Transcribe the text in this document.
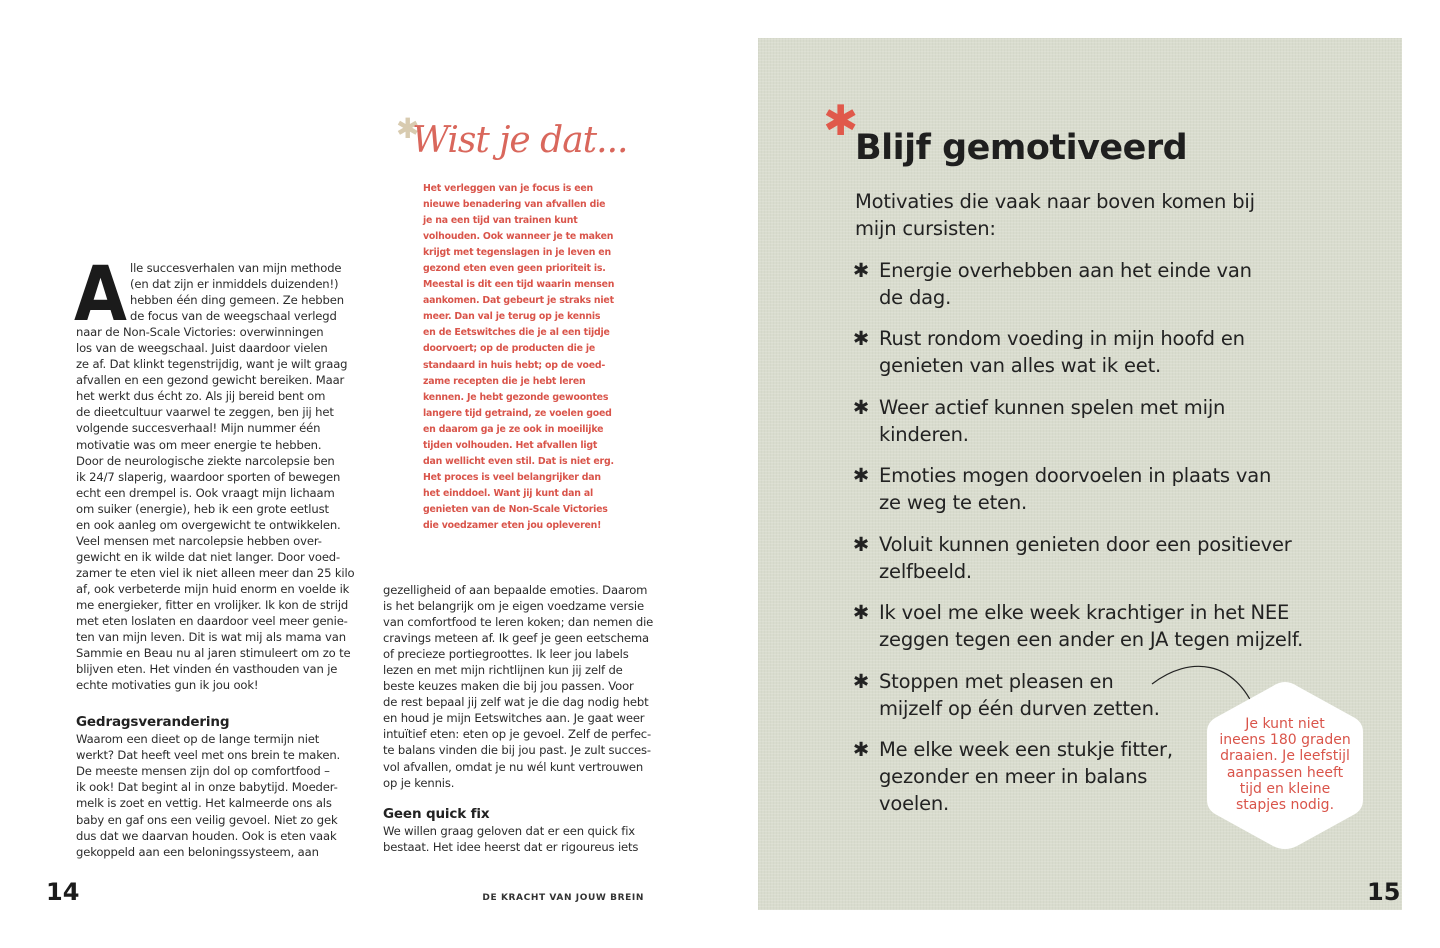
A lle succesverhalen van mijn methode
(en dat zijn er inmiddels duizenden!)
hebben één ding gemeen. Ze hebben
de focus van de weegschaal verlegd
naar de Non-Scale Victories: overwinningen
los van de weegschaal. Juist daardoor vielen
ze af. Dat klinkt tegenstrijdig, want je wilt graag
afvallen en een gezond gewicht bereiken. Maar
het werkt dus écht zo. Als jij bereid bent om
de dieetcultuur vaarwel te zeggen, ben jij het
volgende succesverhaal! Mijn nummer één
motivatie was om meer energie te hebben.
Door de neurologische ziekte narcolepsie ben
ik 24/7 slaperig, waardoor sporten of bewegen
echt een drempel is. Ook vraagt mijn lichaam
om suiker (energie), heb ik een grote eetlust
en ook aanleg om overgewicht te ontwikkelen.
Veel mensen met narcolepsie hebben over-
gewicht en ik wilde dat niet langer. Door voed-
zamer te eten viel ik niet alleen meer dan 25 kilo
af, ook verbeterde mijn huid enorm en voelde ik
me energieker, fitter en vrolijker. Ik kon de strijd
met eten loslaten en daardoor veel meer genie-
ten van mijn leven. Dit is wat mij als mama van
Sammie en Beau nu al jaren stimuleert om zo te
blijven eten. Het vinden én vasthouden van je
echte motivaties gun ik jou ook!
Gedragsverandering
Waarom een dieet op de lange termijn niet
werkt? Dat heeft veel met ons brein te maken.
De meeste mensen zijn dol op comfortfood –
ik ook! Dat begint al in onze babytijd. Moeder-
melk is zoet en vettig. Het kalmeerde ons als
baby en gaf ons een veilig gevoel. Niet zo gek
dus dat we daarvan houden. Ook is eten vaak
gekoppeld aan een beloningssysteem, aan
14
✱
Wist je dat...
Het verleggen van je focus is een
nieuwe benadering van afvallen die
je na een tijd van trainen kunt
volhouden. Ook wanneer je te maken
krijgt met tegenslagen in je leven en
gezond eten even geen prioriteit is.
Meestal is dit een tijd waarin mensen
aankomen. Dat gebeurt je straks niet
meer. Dan val je terug op je kennis
en de Eetswitches die je al een tijdje
doorvoert; op de producten die je
standaard in huis hebt; op de voed-
zame recepten die je hebt leren
kennen. Je hebt gezonde gewoontes
langere tijd getraind, ze voelen goed
en daarom ga je ze ook in moeilijke
tijden volhouden. Het afvallen ligt
dan wellicht even stil. Dat is niet erg.
Het proces is veel belangrijker dan
het einddoel. Want jij kunt dan al
genieten van de Non-Scale Victories
die voedzamer eten jou opleveren!
gezelligheid of aan bepaalde emoties. Daarom
is het belangrijk om je eigen voedzame versie
van comfortfood te leren koken; dan nemen die
cravings meteen af. Ik geef je geen eetschema
of precieze portiegroottes. Ik leer jou labels
lezen en met mijn richtlijnen kun jij zelf de
beste keuzes maken die bij jou passen. Voor
de rest bepaal jij zelf wat je die dag nodig hebt
en houd je mijn Eetswitches aan. Je gaat weer
intuïtief eten: eten op je gevoel. Zelf de perfec-
te balans vinden die bij jou past. Je zult succes-
vol afvallen, omdat je nu wél kunt vertrouwen
op je kennis.
Geen quick fix
We willen graag geloven dat er een quick fix
bestaat. Het idee heerst dat er rigoureus iets
DE KRACHT VAN JOUW BREIN
✱
Blijf gemotiveerd
Motivaties die vaak naar boven komen bij
mijn cursisten:
✱ Energie overhebben aan het einde van
de dag.
✱ Rust rondom voeding in mijn hoofd en
genieten van alles wat ik eet.
✱ Weer actief kunnen spelen met mijn
kinderen.
✱ Emoties mogen doorvoelen in plaats van
ze weg te eten.
✱ Voluit kunnen genieten door een positiever
zelfbeeld.
✱ Ik voel me elke week krachtiger in het NEE
zeggen tegen een ander en JA tegen mijzelf.
✱ Stoppen met pleasen en
mijzelf op één durven zetten.
✱ Me elke week een stukje fitter,
gezonder en meer in balans
voelen.
Je kunt niet
ineens 180 graden
draaien. Je leefstijl
aanpassen heeft
tijd en kleine
stapjes nodig.
15
